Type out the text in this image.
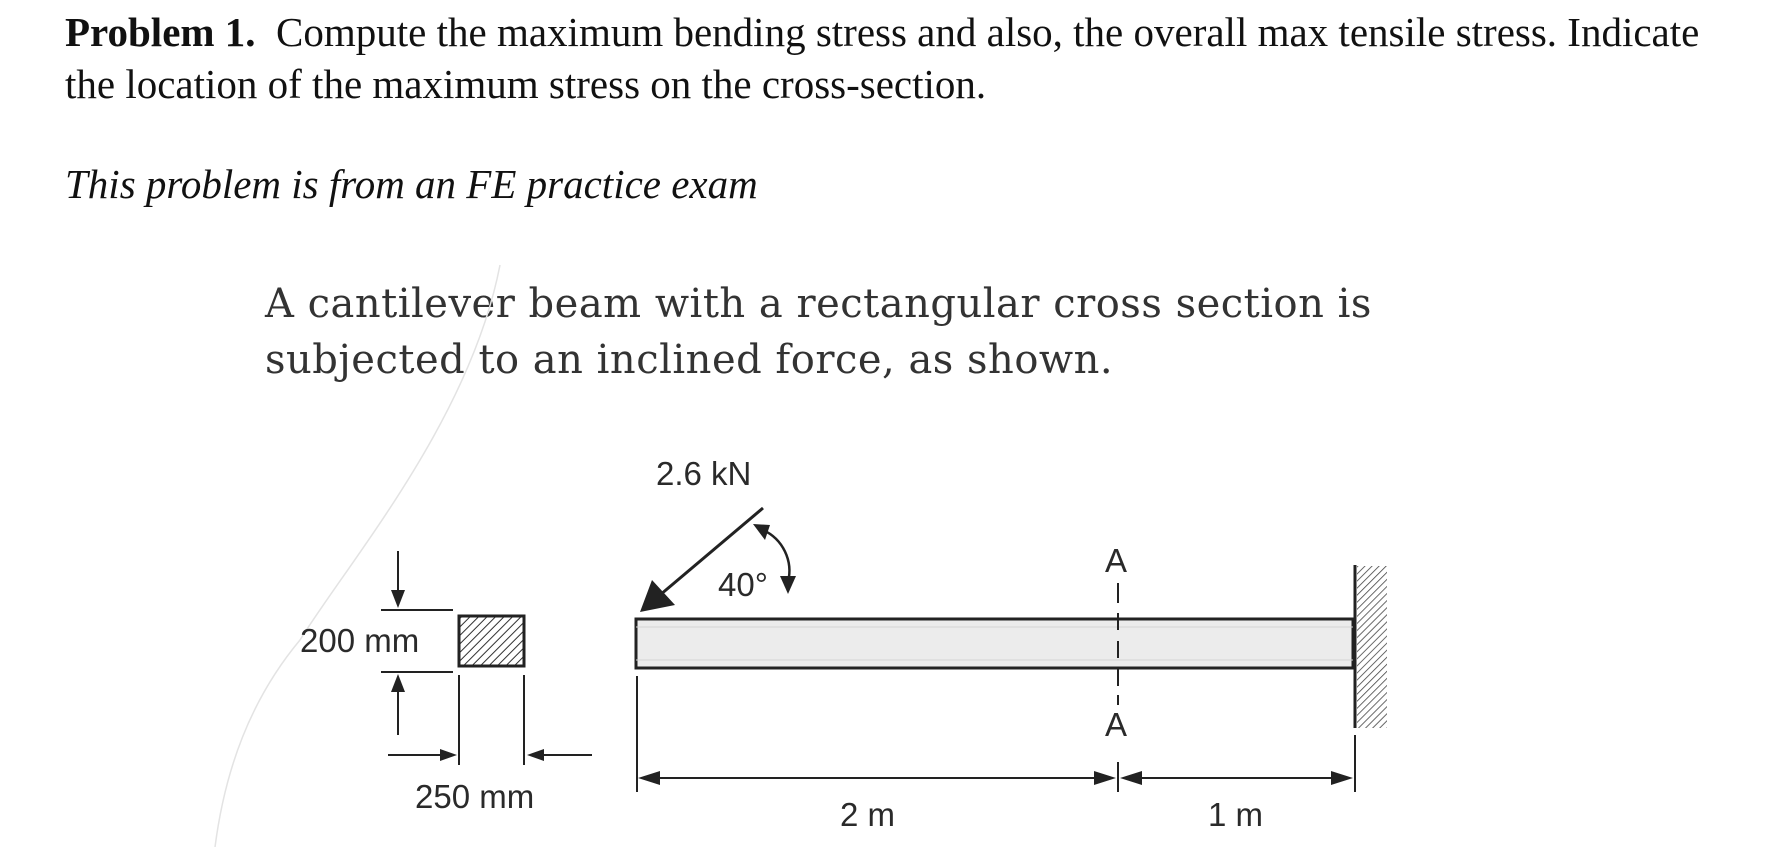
Problem 1. Compute the maximum bending stress and also, the overall max tensile stress. Indicate the location of the maximum stress on the cross-section.
This problem is from an FE practice exam
A cantilever beam with a rectangular cross section is subjected to an inclined force, as shown.
200 mm
250 mm
2.6 kN
40°
A
A
2 m	1 m
